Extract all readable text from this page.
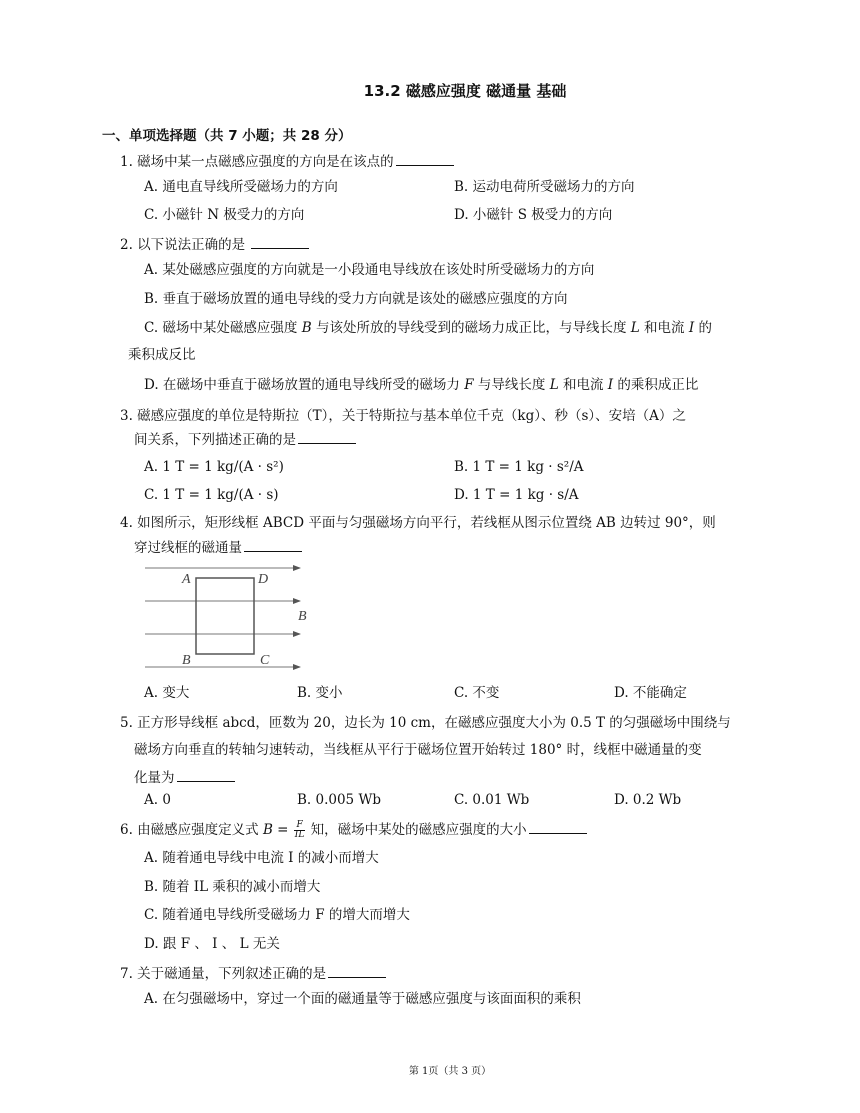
13.2 磁感应强度 磁通量 基础
一、单项选择题（共 7 小题；共 28 分）
1. 磁场中某一点磁感应强度的方向是在该点的
A. 通电直导线所受磁场力的方向	B. 运动电荷所受磁场力的方向
C. 小磁针 N 极受力的方向	D. 小磁针 S 极受力的方向
2. 以下说法正确的是
A. 某处磁感应强度的方向就是一小段通电导线放在该处时所受磁场力的方向
B. 垂直于磁场放置的通电导线的受力方向就是该处的磁感应强度的方向
C. 磁场中某处磁感应强度 B 与该处所放的导线受到的磁场力成正比，与导线长度 L 和电流 I 的
乘积成反比
D. 在磁场中垂直于磁场放置的通电导线所受的磁场力 F 与导线长度 L 和电流 I 的乘积成正比
3. 磁感应强度的单位是特斯拉（T），关于特斯拉与基本单位千克（kg）、秒（s）、安培（A）之
间关系，下列描述正确的是
A. 1 T = 1 kg/(A · s²)	B. 1 T = 1 kg · s²/A
C. 1 T = 1 kg/(A · s)	D. 1 T = 1 kg · s/A
4. 如图所示，矩形线框 ABCD 平面与匀强磁场方向平行，若线框从图示位置绕 AB 边转过 90°，则
穿过线框的磁通量
A	D
B	C
B
A. 变大	B. 变小	C. 不变	D. 不能确定
5. 正方形导线框 abcd，匝数为 20，边长为 10 cm，在磁感应强度大小为 0.5 T 的匀强磁场中围绕与
磁场方向垂直的转轴匀速转动，当线框从平行于磁场位置开始转过 180° 时，线框中磁通量的变
化量为
A. 0	B. 0.005 Wb	C. 0.01 Wb	D. 0.2 Wb
6. 由磁感应强度定义式 $B = \frac{F}{IL}$ 知，磁场中某处的磁感应强度的大小
A. 随着通电导线中电流 I 的减小而增大
B. 随着 IL 乘积的减小而增大
C. 随着通电导线所受磁场力 F 的增大而增大
D. 跟 F 、 I 、 L 无关
7. 关于磁通量，下列叙述正确的是
A. 在匀强磁场中，穿过一个面的磁通量等于磁感应强度与该面面积的乘积
第 1页（共 3 页）
